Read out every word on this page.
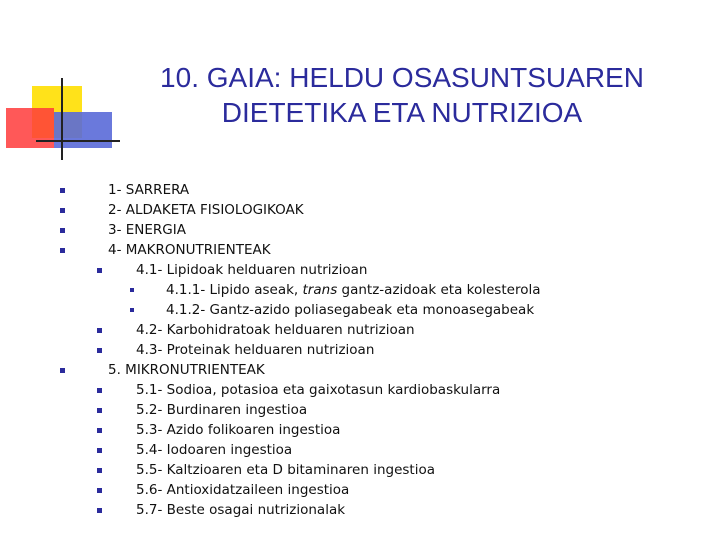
10. GAIA: HELDU OSASUNTSUAREN
DIETETIKA ETA NUTRIZIOA
1- SARRERA
2- ALDAKETA FISIOLOGIKOAK
3- ENERGIA
4- MAKRONUTRIENTEAK
4.1- Lipidoak helduaren nutrizioan
4.1.1- Lipido aseak, trans gantz-azidoak eta kolesterola
4.1.2- Gantz-azido poliasegabeak eta monoasegabeak
4.2- Karbohidratoak helduaren nutrizioan
4.3- Proteinak helduaren nutrizioan
5. MIKRONUTRIENTEAK
5.1- Sodioa, potasioa eta gaixotasun kardiobaskularra
5.2- Burdinaren ingestioa
5.3- Azido folikoaren ingestioa
5.4- Iodoaren ingestioa
5.5- Kaltzioaren eta D bitaminaren ingestioa
5.6- Antioxidatzaileen ingestioa
5.7- Beste osagai nutrizionalak
